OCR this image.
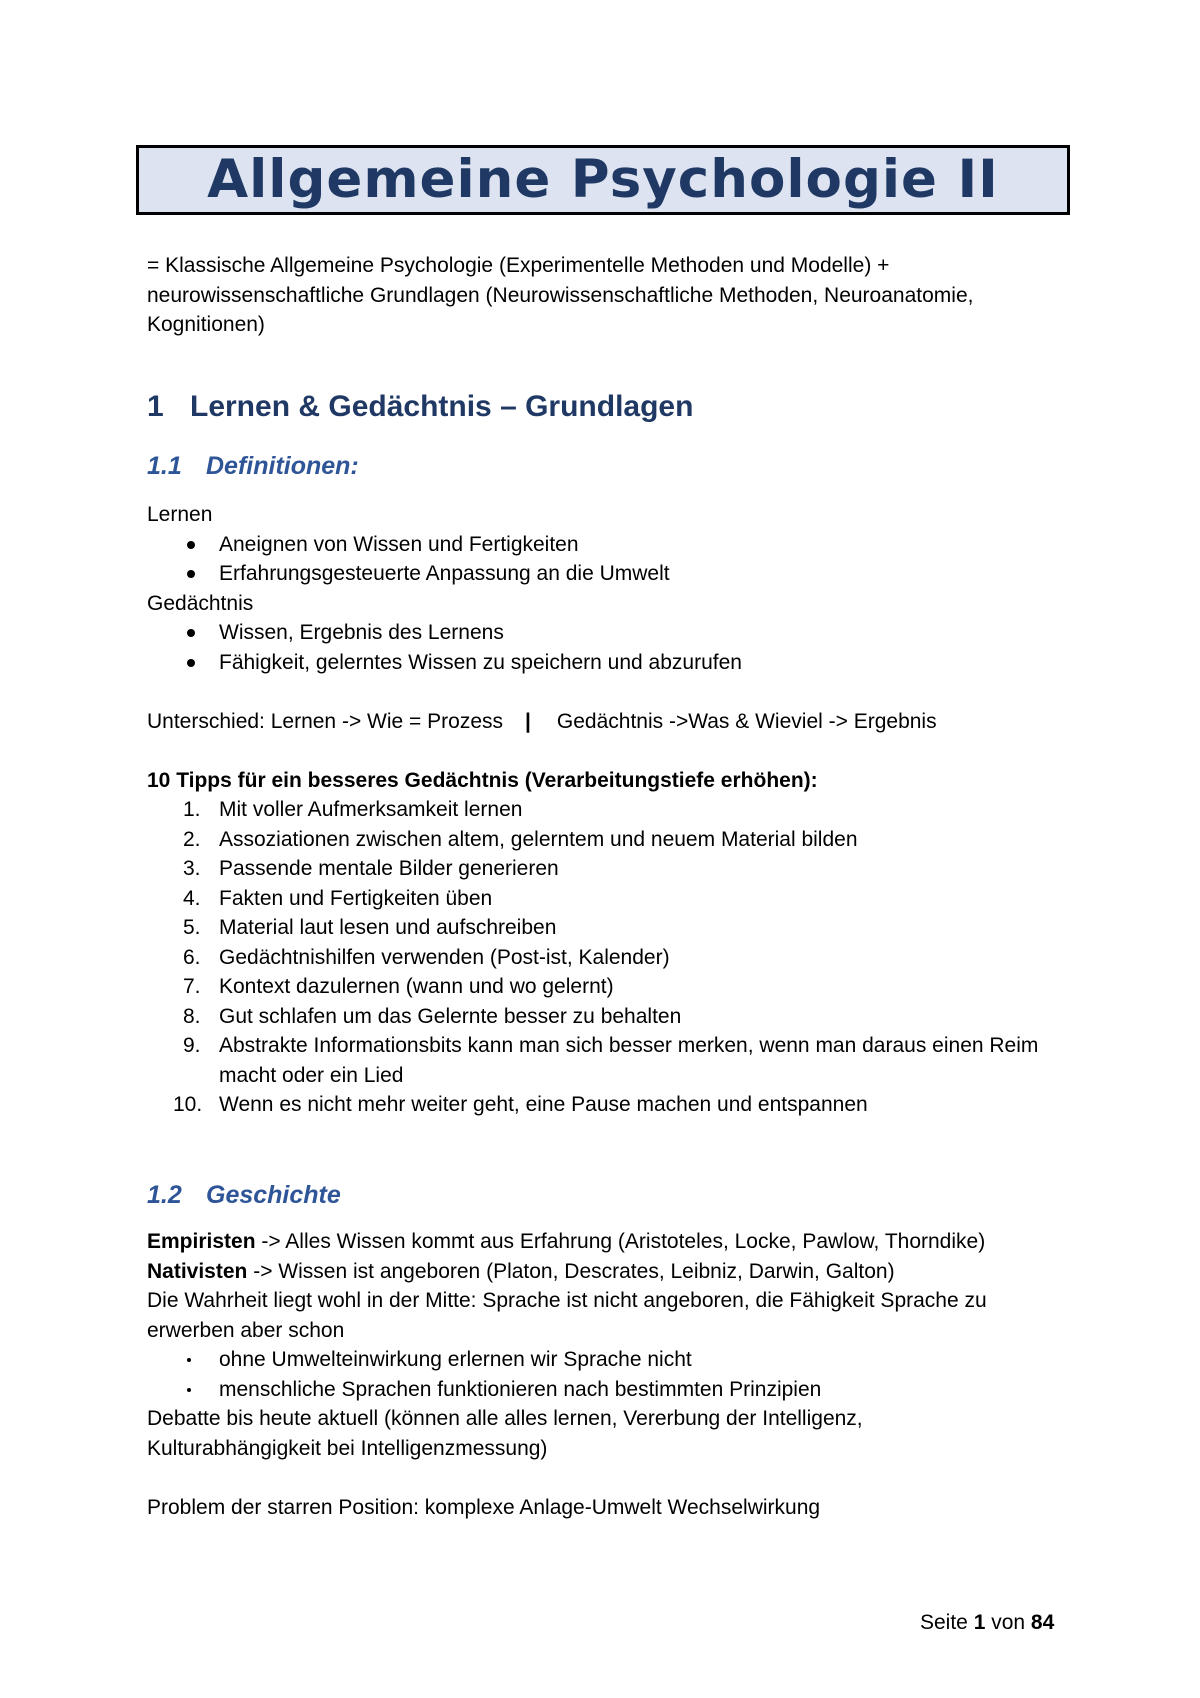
Allgemeine Psychologie II
= Klassische Allgemeine Psychologie (Experimentelle Methoden und Modelle) +
neurowissenschaftliche Grundlagen (Neurowissenschaftliche Methoden, Neuroanatomie,
Kognitionen)
1 Lernen & Gedächtnis – Grundlagen
1.1 Definitionen:
Lernen
Aneignen von Wissen und Fertigkeiten
Erfahrungsgesteuerte Anpassung an die Umwelt
Gedächtnis
Wissen, Ergebnis des Lernens
Fähigkeit, gelerntes Wissen zu speichern und abzurufen
Unterschied: Lernen -> Wie = Prozess | Gedächtnis ->Was & Wieviel -> Ergebnis
10 Tipps für ein besseres Gedächtnis (Verarbeitungstiefe erhöhen):
1. Mit voller Aufmerksamkeit lernen
2. Assoziationen zwischen altem, gelerntem und neuem Material bilden
3. Passende mentale Bilder generieren
4. Fakten und Fertigkeiten üben
5. Material laut lesen und aufschreiben
6. Gedächtnishilfen verwenden (Post-ist, Kalender)
7. Kontext dazulernen (wann und wo gelernt)
8. Gut schlafen um das Gelernte besser zu behalten
9. Abstrakte Informationsbits kann man sich besser merken, wenn man daraus einen Reim macht oder ein Lied
10. Wenn es nicht mehr weiter geht, eine Pause machen und entspannen
1.2 Geschichte
Empiristen -> Alles Wissen kommt aus Erfahrung (Aristoteles, Locke, Pawlow, Thorndike)
Nativisten -> Wissen ist angeboren (Platon, Descrates, Leibniz, Darwin, Galton)
Die Wahrheit liegt wohl in der Mitte: Sprache ist nicht angeboren, die Fähigkeit Sprache zu
erwerben aber schon
ohne Umwelteinwirkung erlernen wir Sprache nicht
menschliche Sprachen funktionieren nach bestimmten Prinzipien
Debatte bis heute aktuell (können alle alles lernen, Vererbung der Intelligenz,
Kulturabhängigkeit bei Intelligenzmessung)
Problem der starren Position: komplexe Anlage-Umwelt Wechselwirkung
Seite 1 von 84
